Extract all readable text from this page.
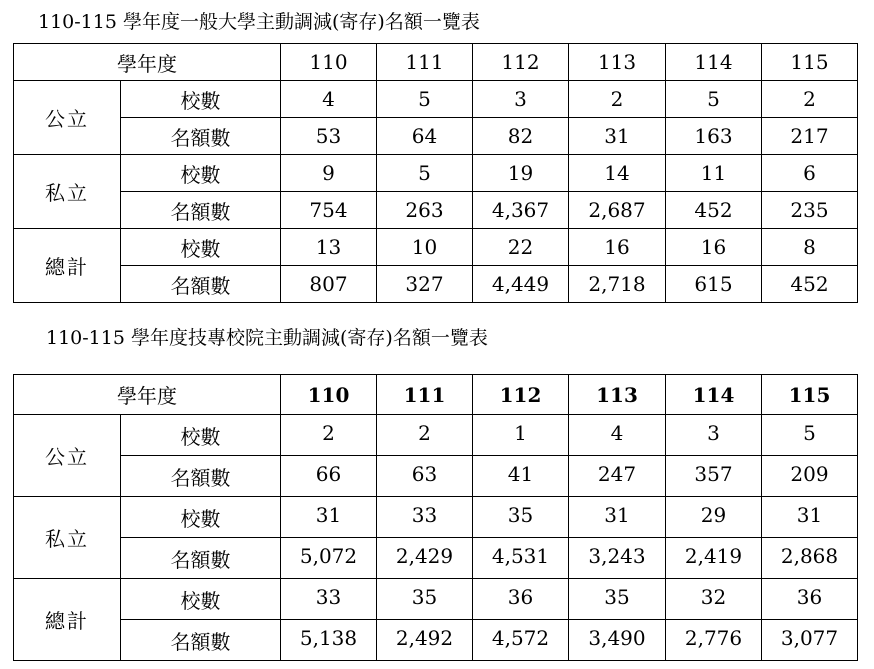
110-115 學年度一般大學主動調減(寄存)名額一覽表
學年度		110	111	112	113	114	115
公立	校數	4	5	3	2	5	2
	名額數	53	64	82	31	163	217
私立	校數	9	5	19	14	11	6
	名額數	754	263	4,367	2,687	452	235
總計	校數	13	10	22	16	16	8
	名額數	807	327	4,449	2,718	615	452
110-115 學年度技專校院主動調減(寄存)名額一覽表
學年度		110	111	112	113	114	115
公立	校數	2	2	1	4	3	5
	名額數	66	63	41	247	357	209
私立	校數	31	33	35	31	29	31
	名額數	5,072	2,429	4,531	3,243	2,419	2,868
總計	校數	33	35	36	35	32	36
	名額數	5,138	2,492	4,572	3,490	2,776	3,077
